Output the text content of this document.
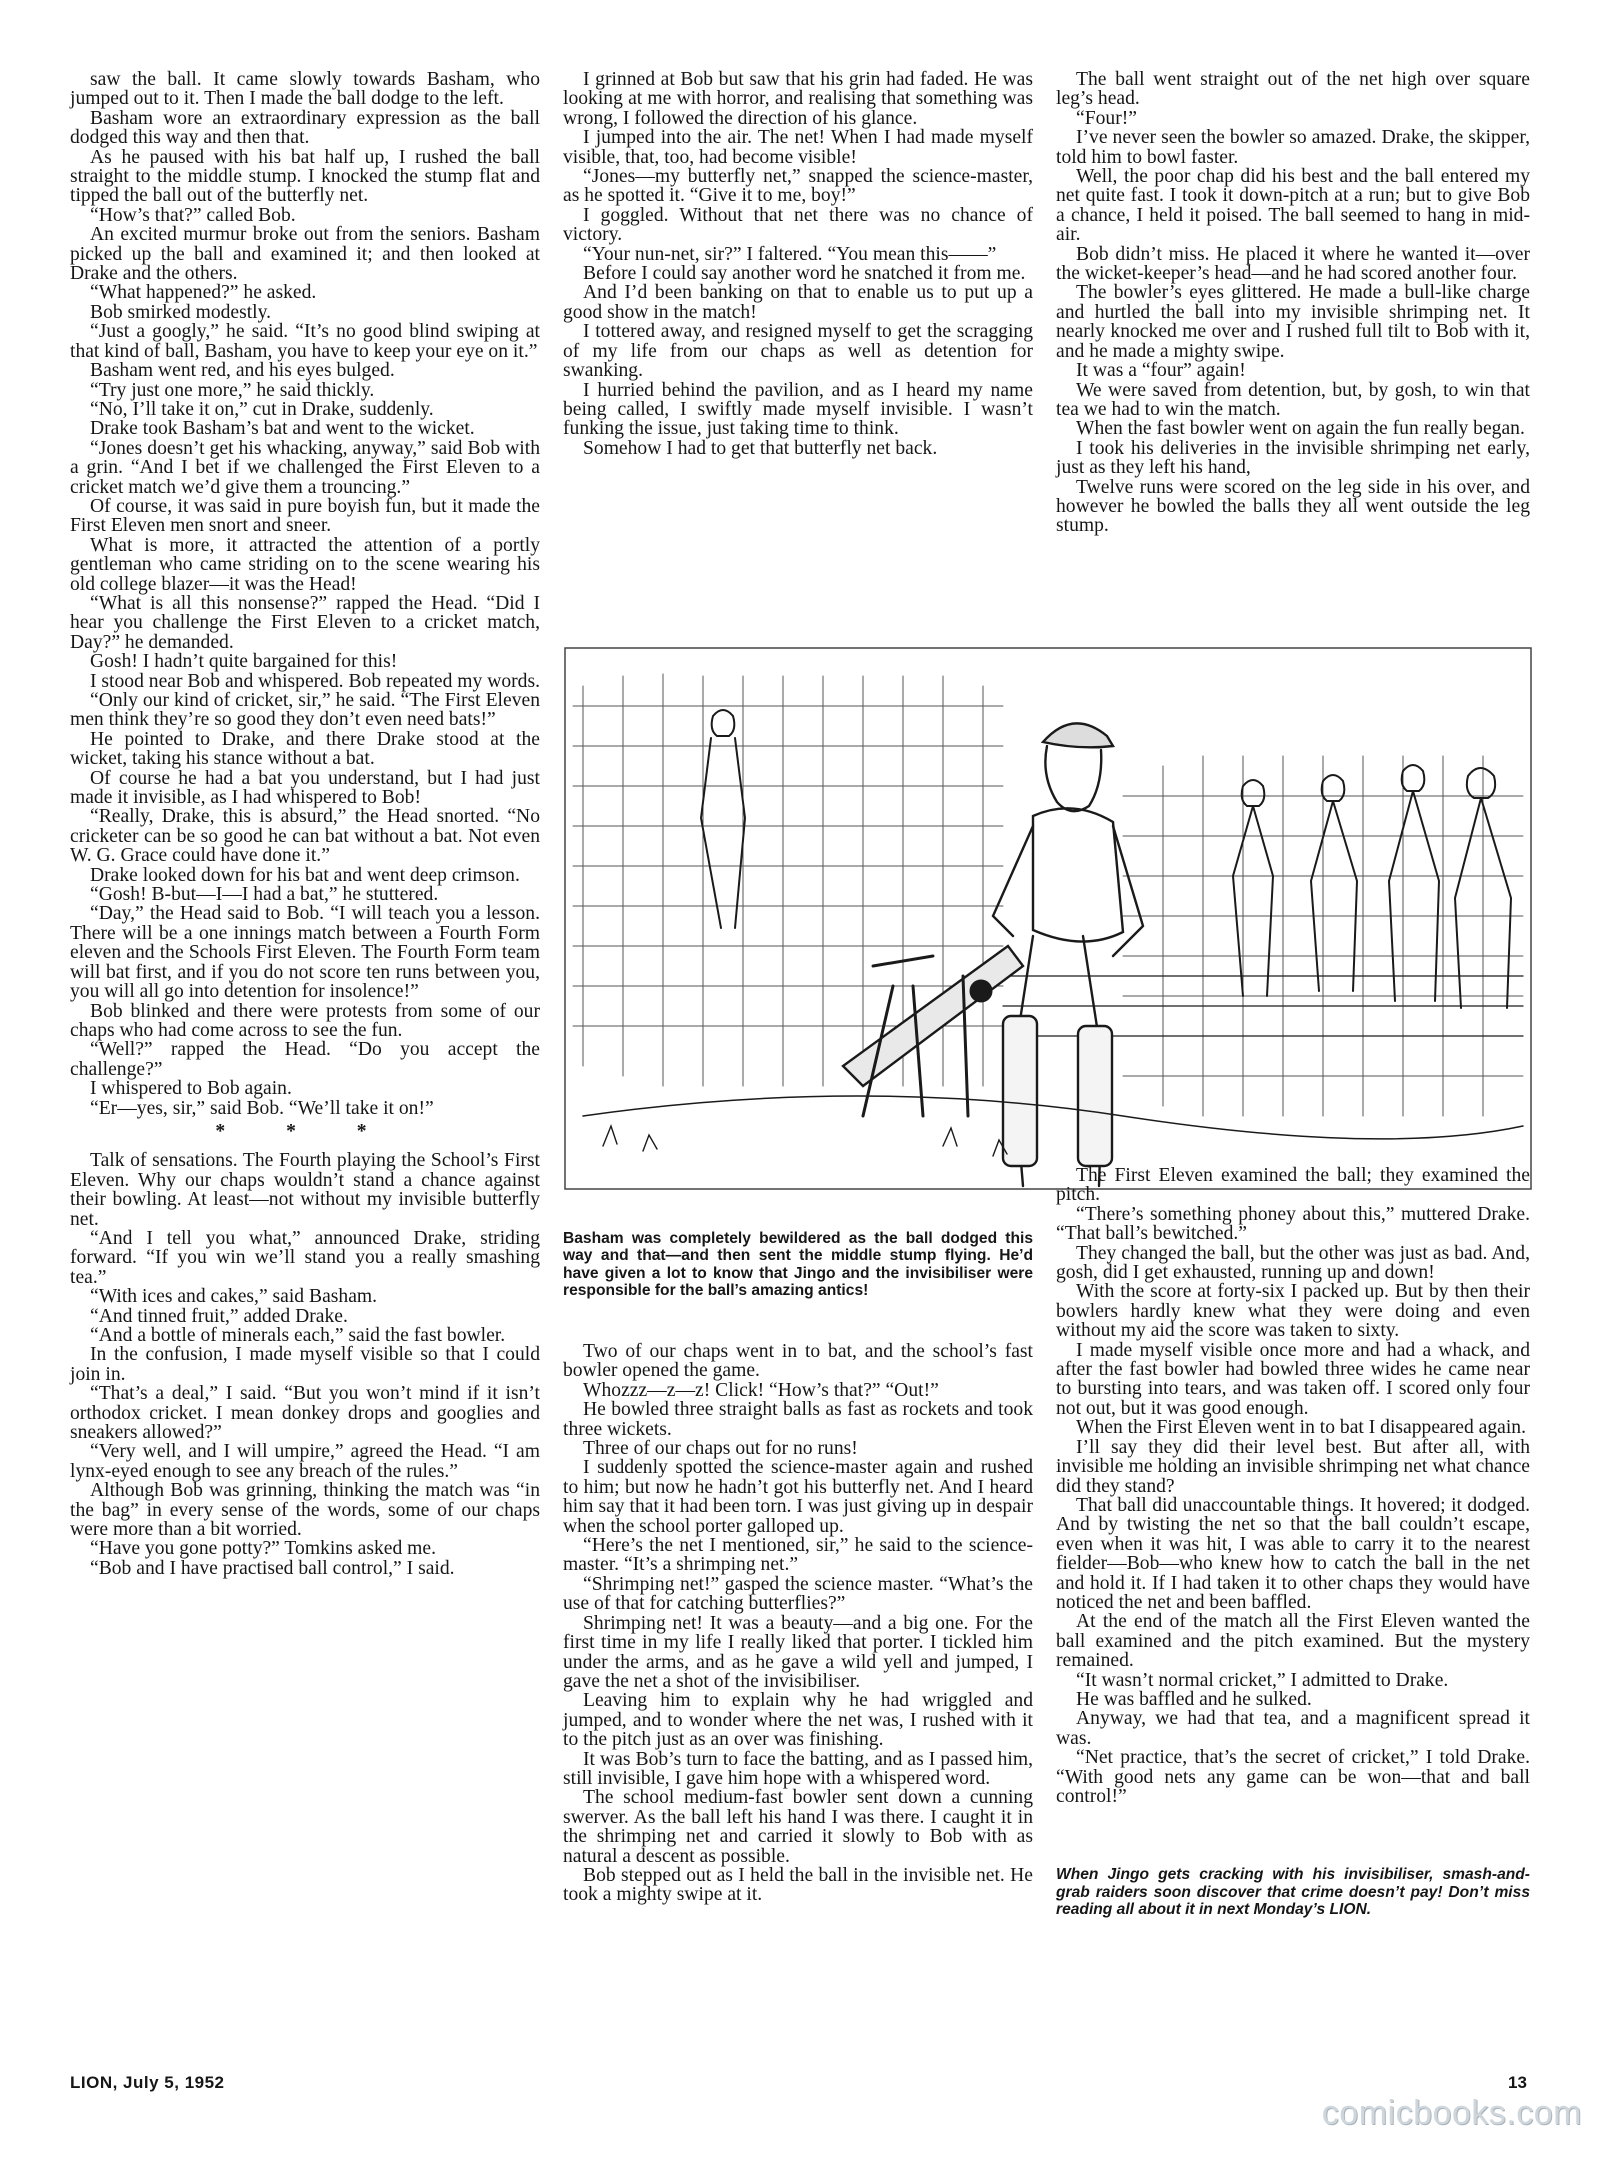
saw the ball. It came slowly towards Basham, who jumped out to it. Then I made the ball dodge to the left.

Basham wore an extraordinary expression as the ball dodged this way and then that.

As he paused with his bat half up, I rushed the ball straight to the middle stump. I knocked the stump flat and tipped the ball out of the butterfly net.

“How’s that?” called Bob.

An excited murmur broke out from the seniors. Basham picked up the ball and examined it; and then looked at Drake and the others.

“What happened?” he asked.

Bob smirked modestly.

“Just a googly,” he said. “It’s no good blind swiping at that kind of ball, Basham, you have to keep your eye on it.”

Basham went red, and his eyes bulged.

“Try just one more,” he said thickly.

“No, I’ll take it on,” cut in Drake, suddenly.

Drake took Basham’s bat and went to the wicket.

“Jones doesn’t get his whacking, anyway,” said Bob with a grin. “And I bet if we challenged the First Eleven to a cricket match we’d give them a trouncing.”

Of course, it was said in pure boyish fun, but it made the First Eleven men snort and sneer.

What is more, it attracted the attention of a portly gentleman who came striding on to the scene wearing his old college blazer—it was the Head!

“What is all this nonsense?” rapped the Head. “Did I hear you challenge the First Eleven to a cricket match, Day?” he demanded.

Gosh! I hadn’t quite bargained for this!

I stood near Bob and whispered. Bob repeated my words.

“Only our kind of cricket, sir,” he said. “The First Eleven men think they’re so good they don’t even need bats!”

He pointed to Drake, and there Drake stood at the wicket, taking his stance without a bat.

Of course he had a bat you understand, but I had just made it invisible, as I had whispered to Bob!

“Really, Drake, this is absurd,” the Head snorted. “No cricketer can be so good he can bat without a bat. Not even W. G. Grace could have done it.”

Drake looked down for his bat and went deep crimson.

“Gosh! B-but—I—I had a bat,” he stuttered.

“Day,” the Head said to Bob. “I will teach you a lesson. There will be a one innings match between a Fourth Form eleven and the Schools First Eleven. The Fourth Form team will bat first, and if you do not score ten runs between you, you will all go into detention for insolence!”

Bob blinked and there were protests from some of our chaps who had come across to see the fun.

“Well?” rapped the Head. “Do you accept the challenge?”

I whispered to Bob again.

“Er—yes, sir,” said Bob. “We’ll take it on!”

* * *

Talk of sensations. The Fourth playing the School’s First Eleven. Why our chaps wouldn’t stand a chance against their bowling. At least—not without my invisible butterfly net.

“And I tell you what,” announced Drake, striding forward. “If you win we’ll stand you a really smashing tea.”

“With ices and cakes,” said Basham.

“And tinned fruit,” added Drake.

“And a bottle of minerals each,” said the fast bowler.

In the confusion, I made myself visible so that I could join in.

“That’s a deal,” I said. “But you won’t mind if it isn’t orthodox cricket. I mean donkey drops and googlies and sneakers allowed?”

“Very well, and I will umpire,” agreed the Head. “I am lynx-eyed enough to see any breach of the rules.”

Although Bob was grinning, thinking the match was “in the bag” in every sense of the words, some of our chaps were more than a bit worried.

“Have you gone potty?” Tomkins asked me.

“Bob and I have practised ball control,” I said.

I grinned at Bob but saw that his grin had faded. He was looking at me with horror, and realising that something was wrong, I followed the direction of his glance.

I jumped into the air. The net! When I had made myself visible, that, too, had become visible!

“Jones—my butterfly net,” snapped the science-master, as he spotted it. “Give it to me, boy!”

I goggled. Without that net there was no chance of victory.

“Your nun-net, sir?” I faltered. “You mean this——”

Before I could say another word he snatched it from me.

And I’d been banking on that to enable us to put up a good show in the match!

I tottered away, and resigned myself to get the scragging of my life from our chaps as well as detention for swanking.

I hurried behind the pavilion, and as I heard my name being called, I swiftly made myself invisible. I wasn’t funking the issue, just taking time to think.

Somehow I had to get that butterfly net back.

The ball went straight out of the net high over square leg’s head.

“Four!”

I’ve never seen the bowler so amazed. Drake, the skipper, told him to bowl faster.

Well, the poor chap did his best and the ball entered my net quite fast. I took it down-pitch at a run; but to give Bob a chance, I held it poised. The ball seemed to hang in mid-air.

Bob didn’t miss. He placed it where he wanted it—over the wicket-keeper’s head—and he had scored another four.

The bowler’s eyes glittered. He made a bull-like charge and hurtled the ball into my invisible shrimping net. It nearly knocked me over and I rushed full tilt to Bob with it, and he made a mighty swipe.

It was a “four” again!

We were saved from detention, but, by gosh, to win that tea we had to win the match.

When the fast bowler went on again the fun really began.

I took his deliveries in the invisible shrimping net early, just as they left his hand,

Twelve runs were scored on the leg side in his over, and however he bowled the balls they all went outside the leg stump.

Basham was completely bewildered as the ball dodged this way and that—and then sent the middle stump flying. He’d have given a lot to know that Jingo and the invisibiliser were responsible for the ball’s amazing antics!

Two of our chaps went in to bat, and the school’s fast bowler opened the game.

Whozzz—z—z! Click! “How’s that?” “Out!”

He bowled three straight balls as fast as rockets and took three wickets.

Three of our chaps out for no runs!

I suddenly spotted the science-master again and rushed to him; but now he hadn’t got his butterfly net. And I heard him say that it had been torn. I was just giving up in despair when the school porter galloped up.

“Here’s the net I mentioned, sir,” he said to the science-master. “It’s a shrimping net.”

“Shrimping net!” gasped the science master. “What’s the use of that for catching butterflies?”

Shrimping net! It was a beauty—and a big one. For the first time in my life I really liked that porter. I tickled him under the arms, and as he gave a wild yell and jumped, I gave the net a shot of the invisibiliser.

Leaving him to explain why he had wriggled and jumped, and to wonder where the net was, I rushed with it to the pitch just as an over was finishing.

It was Bob’s turn to face the batting, and as I passed him, still invisible, I gave him hope with a whispered word.

The school medium-fast bowler sent down a cunning swerver. As the ball left his hand I was there. I caught it in the shrimping net and carried it slowly to Bob with as natural a descent as possible.

Bob stepped out as I held the ball in the invisible net. He took a mighty swipe at it.

The First Eleven examined the ball; they examined the pitch.

“There’s something phoney about this,” muttered Drake. “That ball’s bewitched.”

They changed the ball, but the other was just as bad. And, gosh, did I get exhausted, running up and down!

With the score at forty-six I packed up. But by then their bowlers hardly knew what they were doing and even without my aid the score was taken to sixty.

I made myself visible once more and had a whack, and after the fast bowler had bowled three wides he came near to bursting into tears, and was taken off. I scored only four not out, but it was good enough.

When the First Eleven went in to bat I disappeared again.

I’ll say they did their level best. But after all, with invisible me holding an invisible shrimping net what chance did they stand?

That ball did unaccountable things. It hovered; it dodged. And by twisting the net so that the ball couldn’t escape, even when it was hit, I was able to carry it to the nearest fielder—Bob—who knew how to catch the ball in the net and hold it. If I had taken it to other chaps they would have noticed the net and been baffled.

At the end of the match all the First Eleven wanted the ball examined and the pitch examined. But the mystery remained.

“It wasn’t normal cricket,” I admitted to Drake.

He was baffled and he sulked.

Anyway, we had that tea, and a magnificent spread it was.

“Net practice, that’s the secret of cricket,” I told Drake. “With good nets any game can be won—that and ball control!”

When Jingo gets cracking with his invisibiliser, smash-and-grab raiders soon discover that crime doesn’t pay! Don’t miss reading all about it in next Monday’s LION.
LION, July 5, 1952	13
comicbooks.com
